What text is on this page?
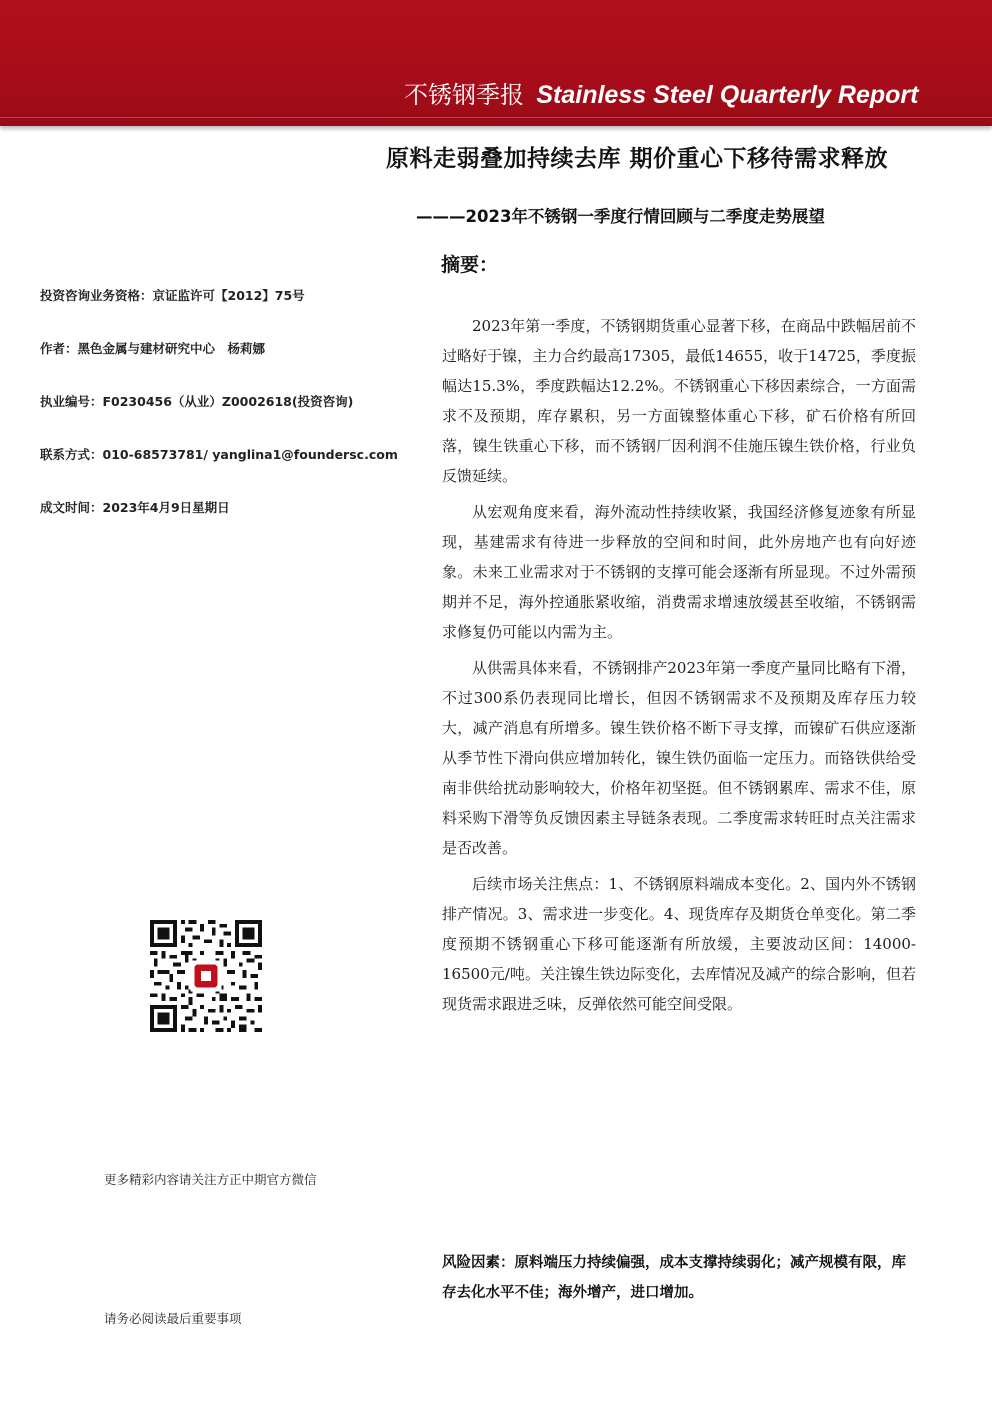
不锈钢季报 Stainless Steel Quarterly Report
原料走弱叠加持续去库 期价重心下移待需求释放
———2023年不锈钢一季度行情回顾与二季度走势展望
摘要：
投资咨询业务资格：京证监许可【2012】75号
作者：黑色金属与建材研究中心　杨莉娜
执业编号：F0230456（从业）Z0002618(投资咨询)
联系方式：010-68573781/ yanglina1@foundersc.com
成文时间：2023年4月9日星期日

2023年第一季度，不锈钢期货重心显著下移，在商品中跌幅居前不过略好于镍，主力合约最高17305，最低14655，收于14725，季度振幅达15.3%，季度跌幅达12.2%。不锈钢重心下移因素综合，一方面需求不及预期，库存累积，另一方面镍整体重心下移，矿石价格有所回落，镍生铁重心下移，而不锈钢厂因利润不佳施压镍生铁价格，行业负反馈延续。

从宏观角度来看，海外流动性持续收紧，我国经济修复迹象有所显现，基建需求有待进一步释放的空间和时间，此外房地产也有向好迹象。未来工业需求对于不锈钢的支撑可能会逐渐有所显现。不过外需预期并不足，海外控通胀紧收缩，消费需求增速放缓甚至收缩，不锈钢需求修复仍可能以内需为主。

从供需具体来看，不锈钢排产2023年第一季度产量同比略有下滑，不过300系仍表现同比增长，但因不锈钢需求不及预期及库存压力较大，减产消息有所增多。镍生铁价格不断下寻支撑，而镍矿石供应逐渐从季节性下滑向供应增加转化，镍生铁仍面临一定压力。而铬铁供给受南非供给扰动影响较大，价格年初坚挺。但不锈钢累库、需求不佳，原料采购下滑等负反馈因素主导链条表现。二季度需求转旺时点关注需求是否改善。

后续市场关注焦点：1、不锈钢原料端成本变化。2、国内外不锈钢排产情况。3、需求进一步变化。4、现货库存及期货仓单变化。第二季度预期不锈钢重心下移可能逐渐有所放缓，主要波动区间：14000-16500元/吨。关注镍生铁边际变化，去库情况及减产的综合影响，但若现货需求跟进乏味，反弹依然可能空间受限。

风险因素：原料端压力持续偏强，成本支撑持续弱化；减产规模有限，库存去化水平不佳；海外增产，进口增加。
更多精彩内容请关注方正中期官方微信
请务必阅读最后重要事项
